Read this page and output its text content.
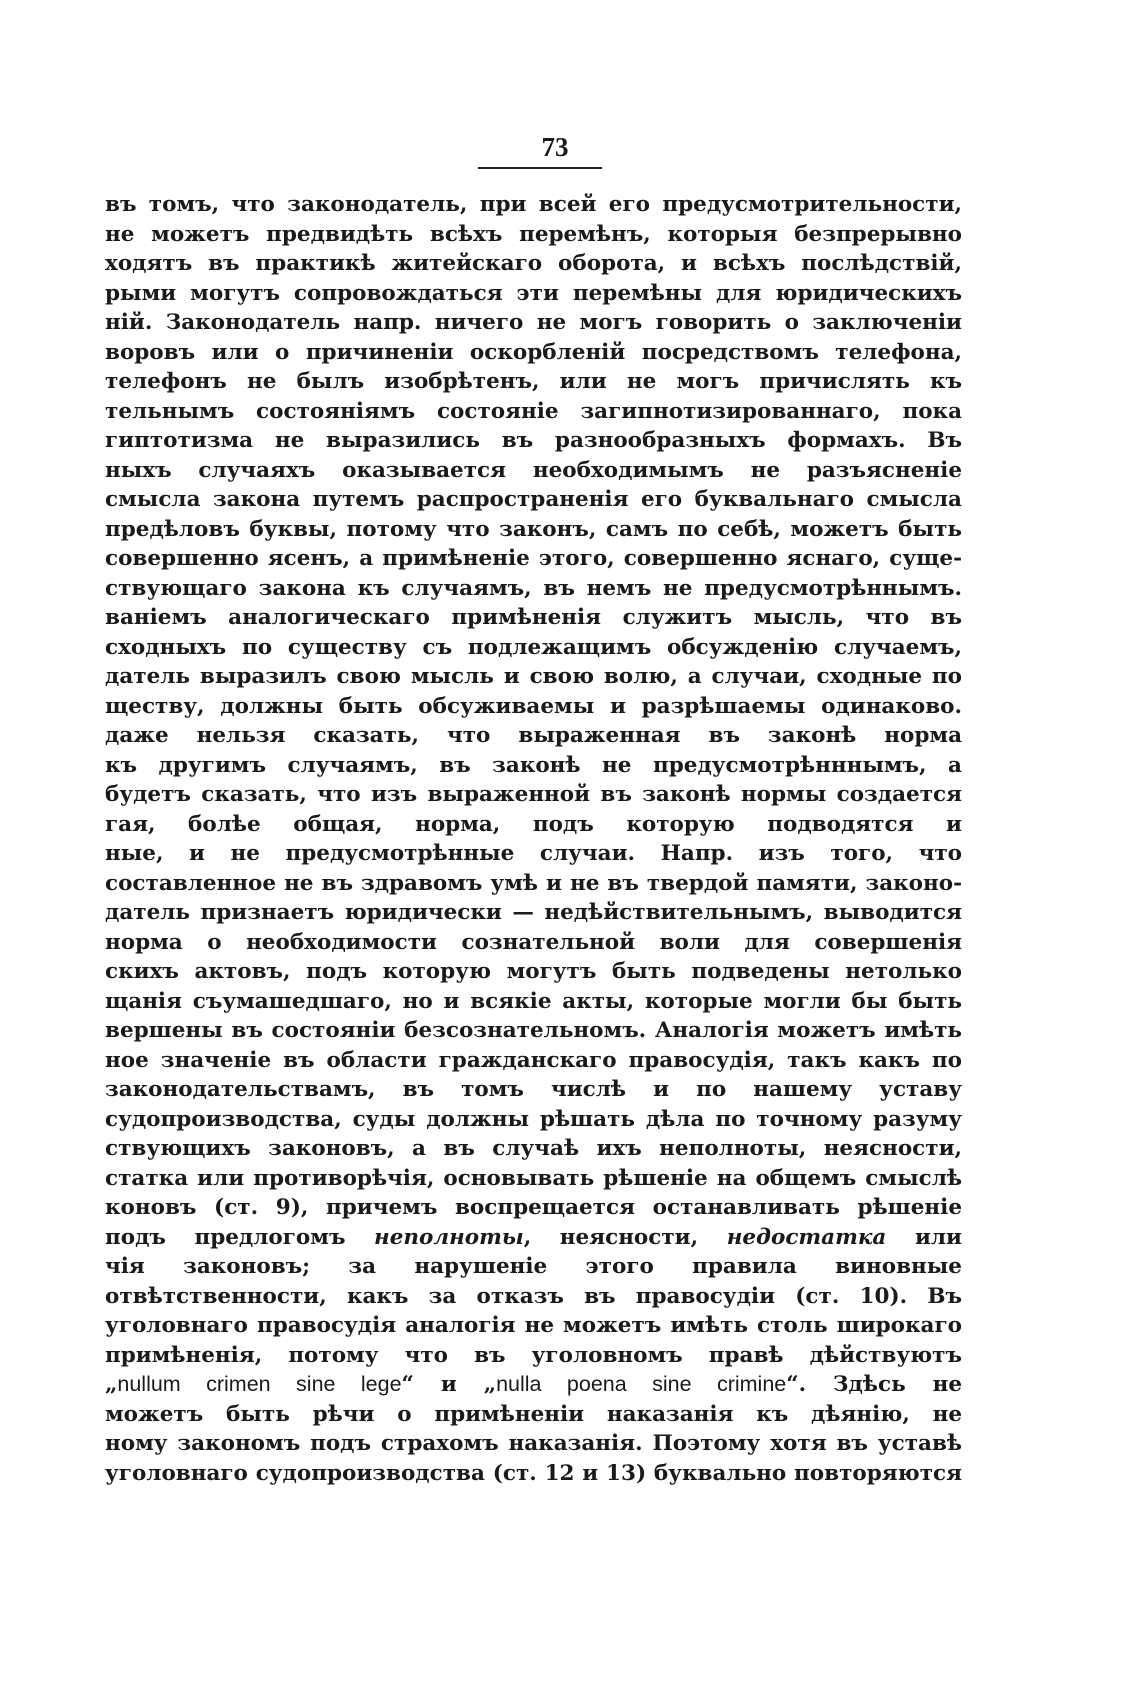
73
въ томъ, что законодатель, при всей его предусмотрительности,
не можетъ предвидѣть всѣхъ перемѣнъ, которыя безпрерывно
ходятъ въ практикѣ житейскаго оборота, и всѣхъ послѣдствій,
рыми могутъ сопровождаться эти перемѣны для юридическихъ
ній. Законодатель напр. ничего не могъ говорить о заключеніи
воровъ или о причиненіи оскорбленій посредствомъ телефона,
телефонъ не былъ изобрѣтенъ, или не могъ причислять къ
тельнымъ состояніямъ состояніе загипнотизированнаго, пока
гиптотизма не выразились въ разнообразныхъ формахъ. Въ
ныхъ случаяхъ оказывается необходимымъ не разъясненіе
смысла закона путемъ распространенія его буквальнаго смысла
предѣловъ буквы, потому что законъ, самъ по себѣ, можетъ быть
совершенно ясенъ, а примѣненіе этого, совершенно яснаго, суще-
ствующаго закона къ случаямъ, въ немъ не предусмотрѣннымъ.
ваніемъ аналогическаго примѣненія служитъ мысль, что въ
сходныхъ по существу съ подлежащимъ обсужденію случаемъ,
датель выразилъ свою мысль и свою волю, а случаи, сходные по
ществу, должны быть обсуживаемы и разрѣшаемы одинаково.
даже нельзя сказать, что выраженная въ законѣ норма
къ другимъ случаямъ, въ законѣ не предусмотрѣнннымъ, а
будетъ сказать, что изъ выраженной въ законѣ нормы создается
гая, болѣе общая, норма, подъ которую подводятся и
ные, и не предусмотрѣнные случаи. Напр. изъ того, что
составленное не въ здравомъ умѣ и не въ твердой памяти, законо-
датель признаетъ юридически — недѣйствительнымъ, выводится
норма о необходимости сознательной воли для совершенія
скихъ актовъ, подъ которую могутъ быть подведены нетолько
щанія съумашедшаго, но и всякіе акты, которые могли бы быть
вершены въ состояніи безсознательномъ. Аналогія можетъ имѣть
ное значеніе въ области гражданскаго правосудія, такъ какъ по
законодательствамъ, въ томъ числѣ и по нашему уставу
судопроизводства, суды должны рѣшать дѣла по точному разуму
ствующихъ законовъ, а въ случаѣ ихъ неполноты, неясности,
статка или противорѣчія, основывать рѣшеніе на общемъ смыслѣ
коновъ (ст. 9), причемъ воспрещается останавливать рѣшеніе
подъ предлогомъ неполноты, неясности, недостатка или
чія законовъ; за нарушеніе этого правила виновные
отвѣтственности, какъ за отказъ въ правосудіи (ст. 10). Въ
уголовнаго правосудія аналогія не можетъ имѣть столь широкаго
примѣненія, потому что въ уголовномъ правѣ дѣйствуютъ
„nullum crimen sine lege“ и „nulla poena sine crimine“. Здѣсь не
можетъ быть рѣчи о примѣненіи наказанія къ дѣянію, не
ному закономъ подъ страхомъ наказанія. Поэтому хотя въ уставѣ
уголовнаго судопроизводства (ст. 12 и 13) буквально повторяются
